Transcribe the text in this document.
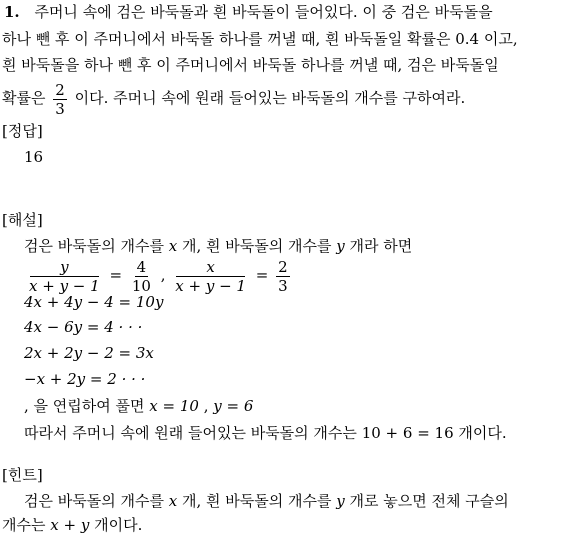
1. 주머니 속에 검은 바둑돌과 흰 바둑돌이 들어있다. 이 중 검은 바둑돌을
하나 뺀 후 이 주머니에서 바둑돌 하나를 꺼낼 때, 흰 바둑돌일 확률은 0.4 이고,
흰 바둑돌을 하나 뺀 후 이 주머니에서 바둑돌 하나를 꺼낼 때, 검은 바둑돌일
확률은 $\frac{2}{3}$ 이다. 주머니 속에 원래 들어있는 바둑돌의 개수를 구하여라.
[정답]
16
[해설]
검은 바둑돌의 개수를 x 개, 흰 바둑돌의 개수를 y 개라 하면
$\frac{y}{x + y - 1} = \frac{4}{10}$ , $\frac{x}{x + y - 1} = \frac{2}{3}$
4x + 4y − 4 = 10y
4x − 6y = 4 · · ·
2x + 2y − 2 = 3x
−x + 2y = 2 · · ·
, 을 연립하여 풀면 x = 10 , y = 6
따라서 주머니 속에 원래 들어있는 바둑돌의 개수는 10 + 6 = 16 개이다.
[힌트]
검은 바둑돌의 개수를 x 개, 흰 바둑돌의 개수를 y 개로 놓으면 전체 구슬의
개수는 x + y 개이다.
